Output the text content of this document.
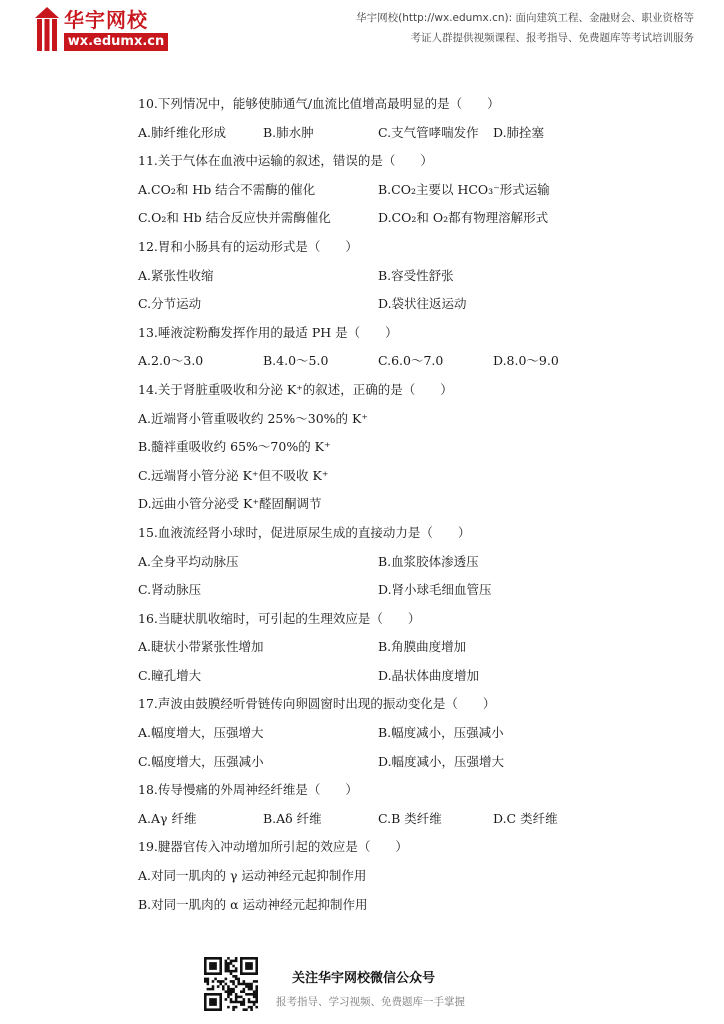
华宇网校
wx.edumx.cn
华宇网校(http://wx.edumx.cn): 面向建筑工程、金融财会、职业资格等
考证人群提供视频课程、报考指导、免费题库等考试培训服务
10.下列情况中，能够使肺通气/血流比值增高最明显的是（　　）
A.肺纤维化形成	B.肺水肿	C.支气管哮喘发作 D.肺拴塞
11.关于气体在血液中运输的叙述，错误的是（　　）
A.CO₂和 Hb 结合不需酶的催化	B.CO₂主要以 HCO₃⁻形式运输
C.O₂和 Hb 结合反应快并需酶催化	D.CO₂和 O₂都有物理溶解形式
12.胃和小肠具有的运动形式是（　　）
A.紧张性收缩	B.容受性舒张
C.分节运动	D.袋状往返运动
13.唾液淀粉酶发挥作用的最适 PH 是（　　）
A.2.0～3.0	B.4.0～5.0	C.6.0～7.0	D.8.0～9.0
14.关于肾脏重吸收和分泌 K⁺的叙述，正确的是（　　）
A.近端肾小管重吸收约 25%～30%的 K⁺
B.髓袢重吸收约 65%～70%的 K⁺
C.远端肾小管分泌 K⁺但不吸收 K⁺
D.远曲小管分泌受 K⁺醛固酮调节
15.血液流经肾小球时，促进原尿生成的直接动力是（　　）
A.全身平均动脉压	B.血浆胶体渗透压
C.肾动脉压	D.肾小球毛细血管压
16.当睫状肌收缩时，可引起的生理效应是（　　）
A.睫状小带紧张性增加	B.角膜曲度增加
C.瞳孔增大	D.晶状体曲度增加
17.声波由鼓膜经听骨链传向卵圆窗时出现的振动变化是（　　）
A.幅度增大，压强增大	B.幅度减小，压强减小
C.幅度增大，压强减小	D.幅度减小，压强增大
18.传导慢痛的外周神经纤维是（　　）
A.Aγ 纤维	B.Aδ 纤维	C.B 类纤维	D.C 类纤维
19.腱器官传入冲动增加所引起的效应是（　　）
A.对同一肌肉的 γ 运动神经元起抑制作用
B.对同一肌肉的 α 运动神经元起抑制作用
关注华宇网校微信公众号
报考指导、学习视频、免费题库一手掌握
